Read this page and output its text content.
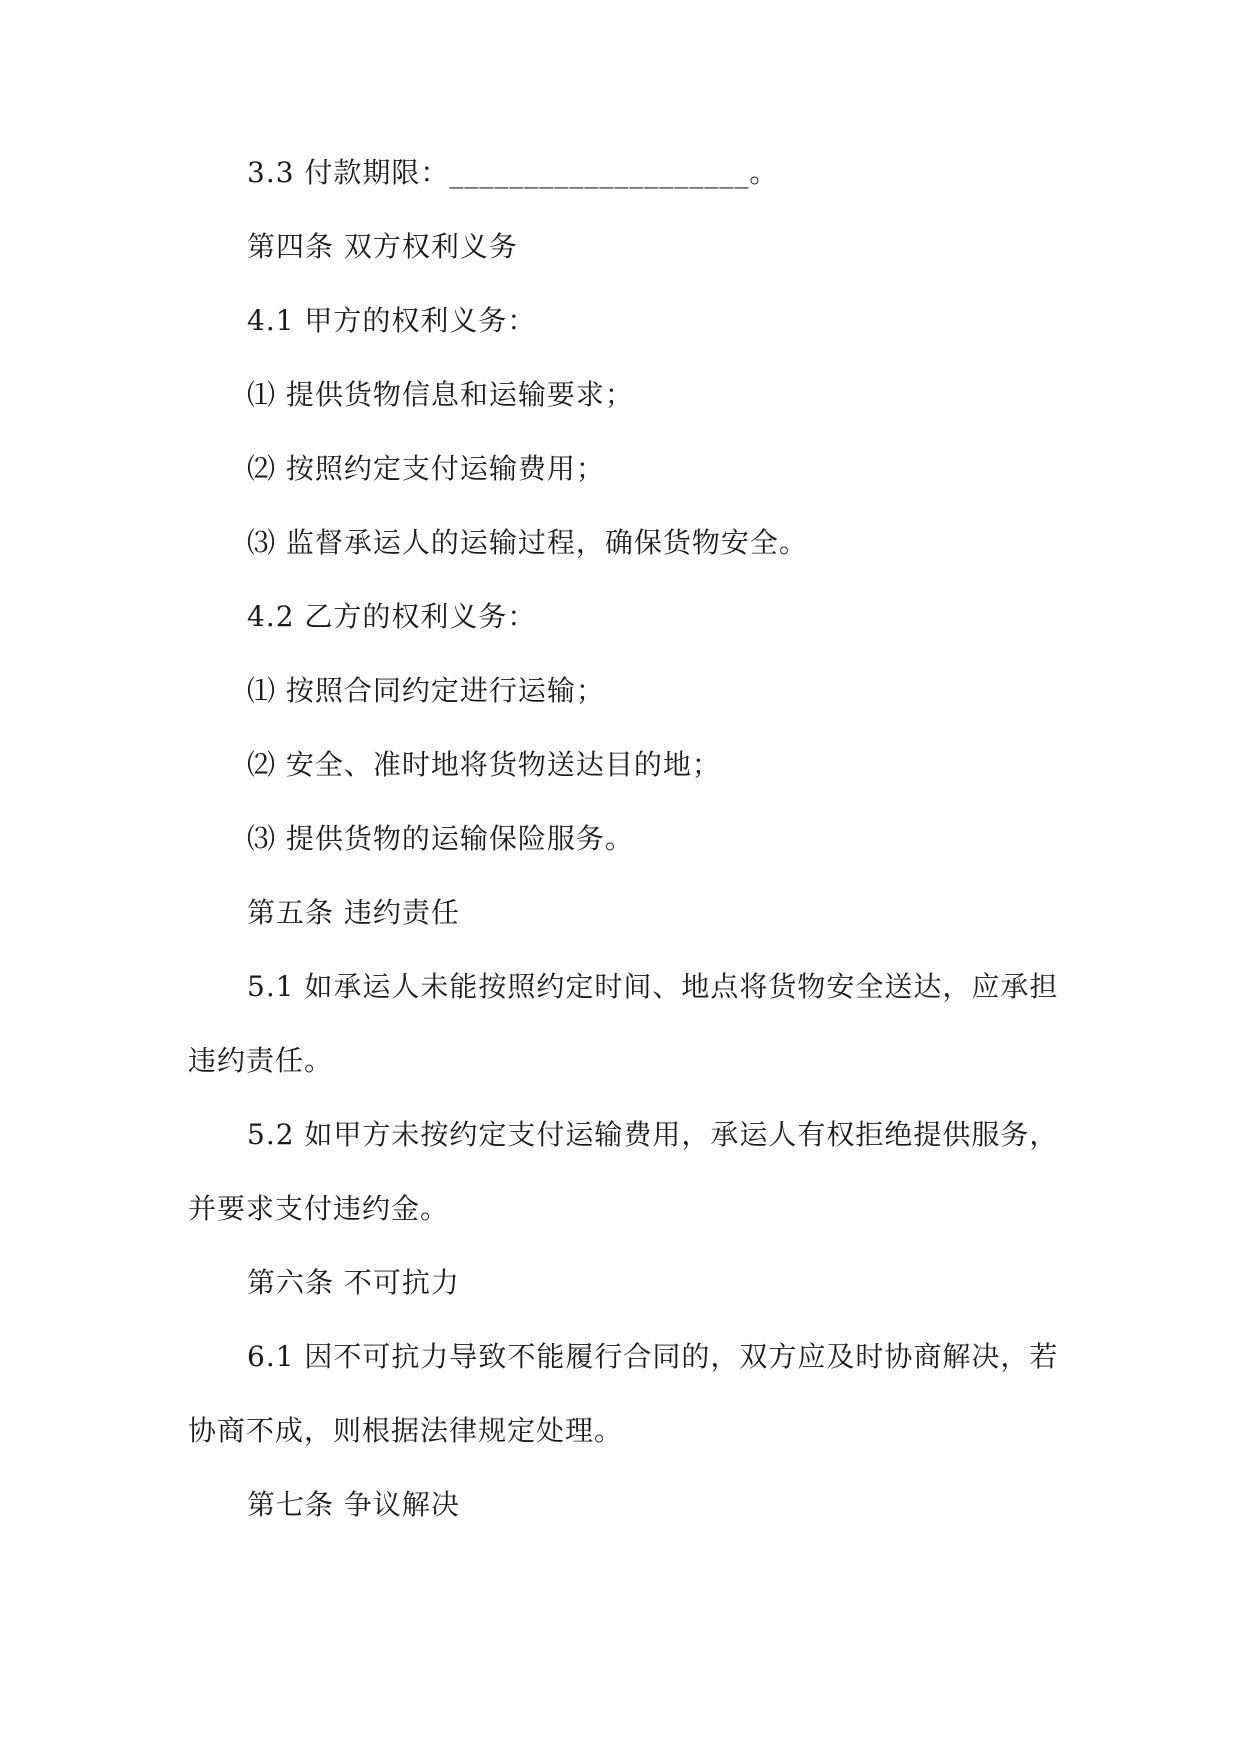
3.3 付款期限：____________________。
第四条 双方权利义务
4.1 甲方的权利义务：
⑴ 提供货物信息和运输要求；
⑵ 按照约定支付运输费用；
⑶ 监督承运人的运输过程，确保货物安全。
4.2 乙方的权利义务：
⑴ 按照合同约定进行运输；
⑵ 安全、准时地将货物送达目的地；
⑶ 提供货物的运输保险服务。
第五条 违约责任
5.1 如承运人未能按照约定时间、地点将货物安全送达，应承担
违约责任。
5.2 如甲方未按约定支付运输费用，承运人有权拒绝提供服务，
并要求支付违约金。
第六条 不可抗力
6.1 因不可抗力导致不能履行合同的，双方应及时协商解决，若
协商不成，则根据法律规定处理。
第七条 争议解决
